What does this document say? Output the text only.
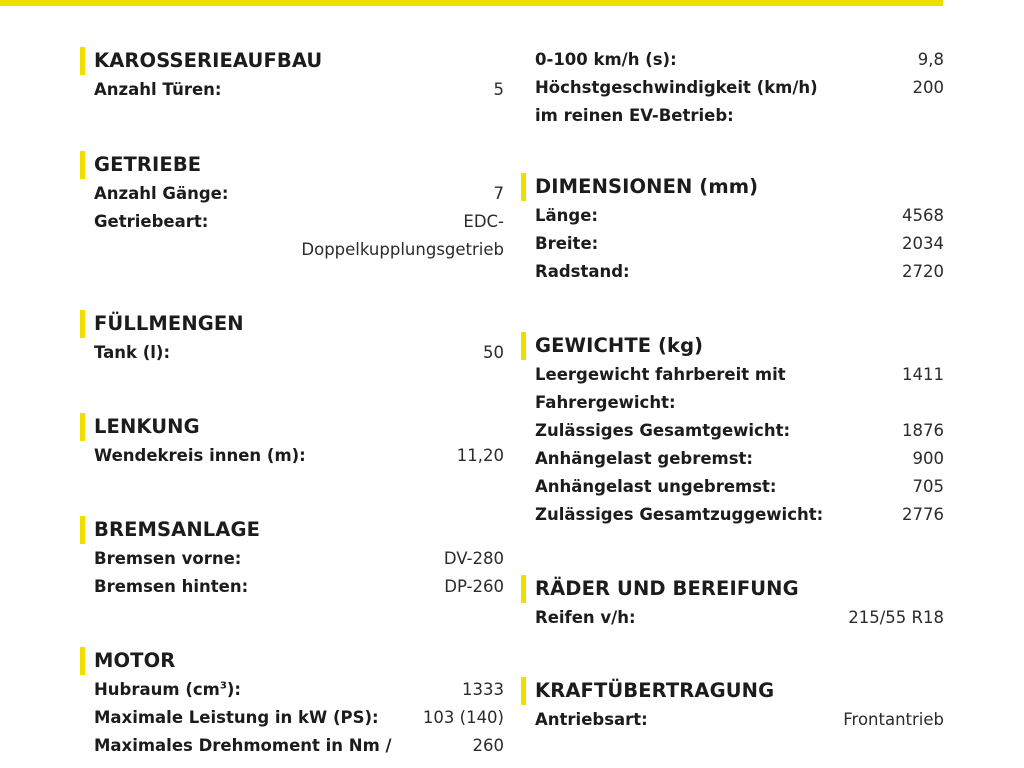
KAROSSERIEAUFBAU
Anzahl Türen:	5
GETRIEBE
Anzahl Gänge:	7
Getriebeart:	EDC-
Doppelkupplungsgetrieb
FÜLLMENGEN
Tank (l):	50
LENKUNG
Wendekreis innen (m):	11,20
BREMSANLAGE
Bremsen vorne:	DV-280
Bremsen hinten:	DP-260
MOTOR
Hubraum $(cm^3)$:	1333
Maximale Leistung in kW (PS):	103 (140)
Maximales Drehmoment in Nm /	260
0-100 km/h (s):	9,8
Höchstgeschwindigkeit (km/h) im reinen EV-Betrieb:
200
DIMENSIONEN (mm)
Länge:	4568
Breite:	2034
Radstand:	2720
GEWICHTE (kg)
Leergewicht fahrbereit mit Fahrergewicht:
1411
Zulässiges Gesamtgewicht:	1876
Anhängelast gebremst:	900
Anhängelast ungebremst:	705
Zulässiges Gesamtzuggewicht:	2776
RÄDER UND BEREIFUNG
Reifen v/h:	215/55 R18
KRAFTÜBERTRAGUNG
Antriebsart:	Frontantrieb
